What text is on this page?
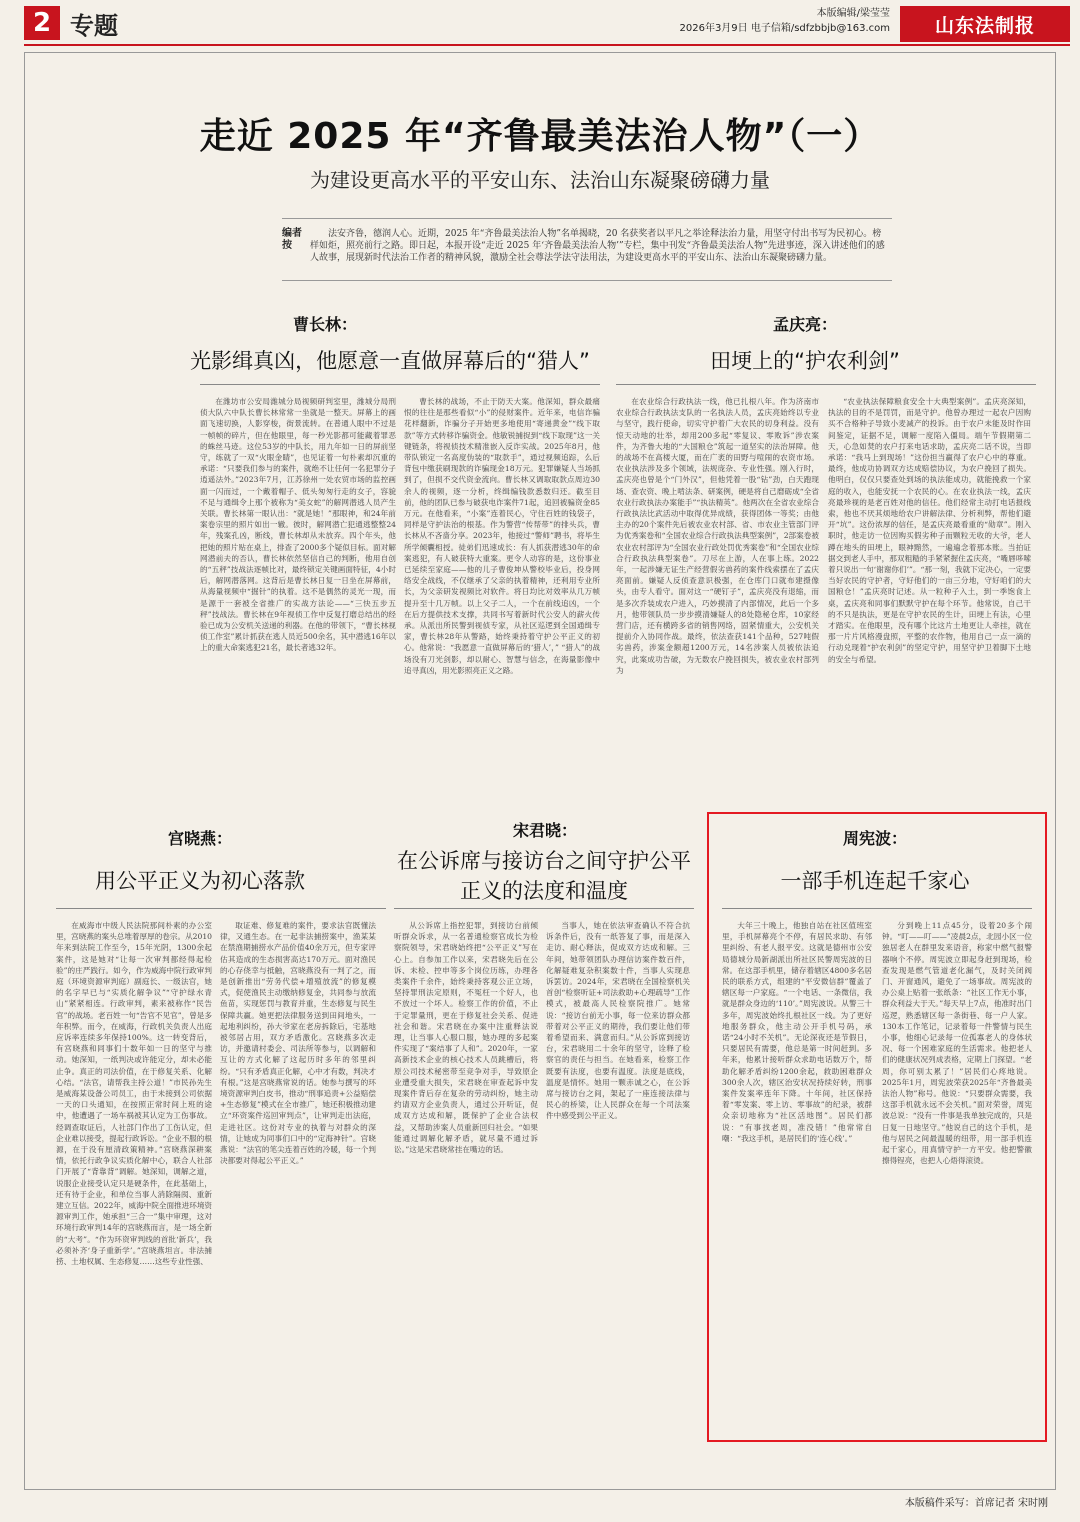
2 专题	本版编辑/梁莹莹
2026年3月9日 电子信箱/sdfzbbjb@163.com	山东法制报
走近 2025 年“齐鲁最美法治人物”（一）
为建设更高水平的平安山东、法治山东凝聚磅礴力量
编者按
法安齐鲁，德润人心。近期，2025 年“齐鲁最美法治人物”名单揭晓，20 名获奖者以平凡之举诠释法治力量，用坚守付出书写为民初心。榜样如炬，照亮前行之路。即日起，本报开设“走近 2025 年‘齐鲁最美法治人物’”专栏，集中刊发“齐鲁最美法治人物”先进事迹，深入讲述他们的感人故事，展现新时代法治工作者的精神风貌，激励全社会尊法学法守法用法，为建设更高水平的平安山东、法治山东凝聚磅礴力量。
曹长林：
光影缉真凶，他愿意一直做屏幕后的“猎人”

在潍坊市公安局潍城分局视频研判室里，潍城分局刑侦大队六中队长曹长林常常一坐就是一整天。屏幕上的画面飞速切换，人影穿梭，街景流转。在普通人眼中不过是一帧帧的碎片，但在他眼里，每一秒光影都可能藏着罪恶的蛛丝马迹。这位53岁的中队长，用九年如一日的屏前坚守，练就了一双“火眼金睛”，也见证着一句朴素却沉重的承诺：“只要我们参与的案件，就绝不让任何一名犯罪分子逍遥法外。”2023年7月，江苏徐州一处农贸市场的监控画面一闪而过，一个戴着帽子、低头匆匆行走的女子，容貌不足与通缉令上那个被称为“美女蛇”的解网潜逃人员产生关联。曹长林第一眼认出：“就是她！”那眼神，和24年前案卷宗里的照片如出一辙。彼时，解网潜亡犯通逃整整24年，残案孔凶，断线，曹长林却从未放弃。四个年头，他把她的照片贴在桌上，排查了2000多个疑似目标。面对解网潜前夫的否认，曹长林依然坚信自己的判断，他用自创的“五秤”技战法逐帧比对，最终锁定关键画面特征，4小时后，解网潜落网。这背后是曹长林日复一日坐在屏幕前，从海量视频中“掘针”的执着。这不是偶然的灵光一现，而是源于一套被全省推广的实战方法论——“三快五步五秤”技战法。曹长林在9年视侦工作中反复打磨总结出的经验已成为公安机关送递的利器。在他的带领下，“曹长林视侦工作室”累计抓获在逃人员近500余名，其中潜逃16年以上的重大命案逃犯21名，最长者逃32年。

曹长林的战场，不止于防天大案。他深知，群众最痛恨的往往是那些看似“小”的侵财案件。近年来，电信诈骗花样翻新，诈骗分子开始更多地使用“寄递黄金”“线下取款”等方式转移诈骗资金。他敏锐捕捉到“线下取现”这一关键链条，将视侦技术精准嵌入反诈实战。2025年8月，他带队锁定一名高度伪装的“取款手”，通过视频追踪，么后背包中缴获刷现款的诈骗现金18万元。犯罪嫌疑人当场抓到了，但损不交代资金流向。曹长林又调取取款点周边30余人的视频，逐一分析，终缉编钱款悉数归还。截至目前，他的团队已参与破获电诈案件71起，追回被骗资金85万元。在他看来，“小案”连着民心，守住百姓的钱袋子，同样是守护法治的根基。作为警营“传帮带”的排头兵，曹长林从不吝啬分享。2023年，他接过“警师”聘书，将毕生所学倾囊相授。徒弟们迅速成长：有人抓获潜逃30年的命案逃犯，有人破获特大重案。更令人动容的是，这份事业已延续至家庭——他的儿子曹俊坤从警校毕业后，投身网络安全战线，不仅继承了父亲的执着精神，还利用专业所长，为父亲研发视频比对软件。将日均比对效率从几万帧提升至十几万帧。以上父子二人，一个在前线追凶，一个在后方提供技术支撑，共同书写着新时代公安人的薪火传承。从派出所民警到视侦专家，从社区巡逻到全国通缉专家，曹长林28年从警路，始终秉持着守护公平正义的初心。他常说：“我愿意一直做屏幕后的‘猎人’，” “猎人”的战场没有刀光剑影，却以耐心、智慧与信念，在海量影像中追寻真凶，用光影照亮正义之路。

孟庆亮：
田埂上的“护农利剑”

在农业综合行政执法一线，他已扎根八年。作为济南市农业综合行政执法支队的一名执法人员，孟庆亮始终以专业与坚守，践行使命，切实守护着广大农民的切身利益。没有惊天动地的壮举，却用200多起“零复议、零败诉”涉农案件，为齐鲁大地的“大国粮仓”筑起一道坚实的法治屏障。他的战场不在高楼大厦，而在广袤的田野与喧闹的农资市场。农业执法涉及多个领域，法规庞杂、专业性强。刚入行时，孟庆亮也曾是个“门外汉”，但他凭着一股“钻”劲，白天跑现场、查农资、晚上啃法条、研案例，硬是将自己磨砺成“全省农业行政执法办案能手”“执法精英”。他两次在全省农业综合行政执法比武活动中取得优异成绩，获得团体一等奖；由他主办的20个案件先后被农业农村部、省、市农业主管部门评为优秀案卷和“全国农业综合行政执法典型案例”，2部案卷被农业农村部评为“全国农业行政处罚优秀案卷”和“全国农业综合行政执法典型案卷”。刀尽在上游，人在事上练。2022年，一起涉嫌无证生产经营假劣兽药的案件线索摆在了孟庆亮面前。嫌疑人反侦查意识极强，在仓库门口就布建摄像头，由专人看守。面对这一“硬钉子”，孟庆亮没有退缩，而是多次乔装成农户进入，巧妙摸清了内部情况，此后一个多月，他带领队员一步步摸清嫌疑人的8处隐秘仓库，10家经营门店，还有横跨多省的销售网络，固紧情重大，公安机关提前介入协同作战。最终，依法查获141个品种，527吨假劣兽药，涉案金额超1200万元，14名涉案人员被依法追究，此案成功告破，为无数农户挽回损失，被农业农村部列为

“农业执法保障粮食安全十大典型案例”。孟庆亮深知，执法的目的不是罚罚，而是守护。他曾办理过一起农户因购买不合格种子导致小麦减产的投诉。由于农户未能及时作田间鉴定，证据不足，调解一度陷入僵局。端午节假期第二天，心急如焚的农户打来电话求助，孟庆亮二话不说，当即承诺：“我马上到现场！”这份担当赢得了农户心中的尊重。最终，他成功协调双方达成赔偿协议，为农户挽回了损失。他明白，仅仅只要查处到场的执法能成功，就能挽救一个家庭的收入，也能安抚一个农民的心。在农业执法一线，孟庆亮最珍视的是老百姓对他的信任。他们经常主动打电话报线索，他也不厌其烦地给农户讲解法律、分析利弊，帮他们避开“坑”。这份浓厚的信任，是孟庆亮最看重的“勋章”。刚入职时，他走访一位因购买假劣种子而颗粒无收的大爷，老人蹲在地头的田埂上，眼神黯然，一遍遍念着那本账。当拍证据交到老人手中，那双粗糙的手紧紧握住孟庆亮，“嘴唇哆嗦着只说出一句‘谢谢你们’”。“那一刻，我就下定决心，一定要当好农民的守护者，守好他们的一亩三分地，守好咱们的大国粮仓！”孟庆亮时记述。从一粒种子入土，到一季饱食上桌，孟庆亮和同事们默默守护在每个环节。他常说，自己干的不只是执法，更是在守护农民的生计，田埂上有法，心里才踏实。在他眼里，没有哪个比这片土地更让人牵挂，就在那一片片风格漫盘照，平整的农作物，他用自己一点一滴的行动兑现着“护农利剑”的坚定守护，用坚守护卫着脚下土地的安全与希望。

宫晓燕：
用公平正义为初心落款

在威海市中级人民法院那间朴素的办公室里，宫晓燕的案头总堆着厚厚的卷宗。从2010年来到法院工作至今，15年光阴，1300余起案件，这是她对“让每一次审判都经得起检验”的庄严践行。如今，作为威海中院行政审判庭（环境资源审判庭）副庭长、一级法官，她的名字早已与“实质化解争议”“守护绿水青山”紧紧相连。行政审判，素来被称作“民告官”的战场。老百姓一句“告官不见官”，曾是多年积弊。而今，在威海，行政机关负责人出庭应诉率连续多年保持100%。这一转变背后，有宫晓燕和同事们十数年如一日的坚守与推动。她深知，一纸判决或许能定分，却未必能止争。真正的司法价值，在于修复关系、化解心结。“法官，请帮我主持公道！”市民孙先生是威海某设备公司员工，由于未接到公司依据一天的口头通知，在按照正常时间上班的途中，他遭遇了一场车祸被其认定为工伤事故。经调查取证后，人社部门作出了工伤认定，但企业难以接受，提起行政诉讼。“企业不服的根源，在于没有厘清政策精神。”宫晓燕深耕案情，依托行政争议实质化解中心，联合人社部门开展了“背靠背”调解。她深知，调解之道，说服企业接受认定只是硬条件，在此基础上，还有待于企业，和单位当事人消除隔阂、重新建立互信。2022年，威海中院全面推进环境资源审判工作，她承担“三合一”集中审理，这对环境行政审判14年的宫晓燕而言，是一场全新的“大考”。“作为环资审判线的首批‘新兵’，我必须补齐‘身子重新学’。”宫晓燕坦言。非法捕捞、土地权属、生态修复……这些专业性强、

取证难、修复难的案件，要求法官既懂法律，又通生态。在一起非法捕捞案中，渔某某在禁渔期捕捞水产品价值40余万元，但专家评估其造成的生态损害高达170万元。面对渔民的心存侥幸与抵触，宫晓燕没有一判了之，而是创新推出“劳务代偿+增殖放流”的修复模式，促使渔民主动缴纳修复金，共同参与放流鱼苗，实现惩罚与教育并重，生态修复与民生保障共赢。她更把法律服务送到田间地头，一起地利纠纷，孙大爷家在老房拆除后，宅基地被邻居占用，双方矛盾激化。宫晓燕多次走访，并邀请村委会、司法所等参与，以调解和互让的方式化解了这起历时多年的邻里纠纷。“只有矛盾真正化解，心中才有数，判决才有根。”这是宫晓燕常说的话。她参与撰写的环境资源审判白皮书，推动“刑事追责+公益赔偿+生态修复”模式在全市推广，她还积极推动建立“环资案件巡回审判点”，让审判走出法庭，走进社区。这份对专业的执着与对群众的深情，让她成为同事们口中的“定海神针”。宫晓燕说：“法官的笔尖连着百姓的冷暖，每一个判决都要对得起公平正义。”

宋君晓：
在公诉席与接访台之间守护公平正义的法度和温度

从公诉席上指控犯罪，到接访台前倾听群众诉求，从一名普通检察官成长为检察院领导，宋君晓始终把“公平正义”写在心上。自参加工作以来，宋君晓先后在公诉、未检、控申等多个岗位历练，办理各类案件千余件，始终秉持客观公正立场，坚持罪刑法定原则，不冤枉一个好人，也不放过一个坏人。检察工作的价值，不止于定罪量刑，更在于修复社会关系、促进社会和谐。宋君晓在办案中注重释法说理，让当事人心服口服，她办理的多起案件实现了“案结事了人和”。2020年，一家高新技术企业的核心技术人员跳槽后，将原公司技术秘密带至竞争对手，导致原企业遭受重大损失，宋君晓在审查起诉中发现案件背后存在复杂的劳动纠纷，她主动约请双方企业负责人，通过公开听证，促成双方达成和解，既保护了企业合法权益，又帮助涉案人员重新回归社会。“如果能通过调解化解矛盾，就尽量不通过诉讼。”这是宋君晓常挂在嘴边的话。

当事人，她在依法审查确认不符合抗诉条件后，没有一纸答复了事，而是深入走访、耐心释法，促成双方达成和解。三年间，她带领团队办理信访案件数百件，化解疑难复杂积案数十件，当事人实现息诉罢访。2024年，宋君晓在全国检察机关首创“检察听证+司法救助+心理疏导”工作模式，被最高人民检察院推广。她常说：“接访台前无小事，每一位来访群众都带着对公平正义的期待，我们要让他们带着希望而来、满意而归。”从公诉席到接访台，宋君晓用二十余年的坚守，诠释了检察官的责任与担当。在她看来，检察工作既要有法度，也要有温度。法度是底线，温度是情怀。她用一颗赤诚之心，在公诉席与接访台之间，架起了一座连接法律与民心的桥梁，让人民群众在每一个司法案件中感受到公平正义。

周宪波：
一部手机连起千家心

大年三十晚上，他独自站在社区值班室里，手机屏幕亮个不停，有居民求助、有邻里纠纷、有老人报平安。这就是德州市公安局德城分局新湖派出所社区民警周宪波的日常。在这部手机里，储存着辖区4800多名居民的联系方式，组建的“平安微信群”覆盖了辖区每一户家庭。“一个电话、一条微信，我就是群众身边的‘110’。”周宪波说。从警三十多年，周宪波始终扎根社区一线。为了更好地服务群众，他主动公开手机号码，承诺“24小时不关机”。无论深夜还是节假日，只要居民有需要，他总是第一时间赶到。多年来，他累计接听群众求助电话数万个，帮助化解矛盾纠纷1200余起，救助困难群众300余人次，辖区治安状况持续好转，刑事案件发案率连年下降。十年间，社区保持着“零发案、零上访、零事故”的纪录，被群众亲切地称为“社区活地图”。居民们都说：“有事找老周，准没错！”他常常自嘲：“我这手机，是居民们的‘连心线’。”

分到晚上11点45分，设着20多个闹钟。“叮——叮——”凌晨2点，北园小区一位独居老人在群里发来语音，称家中燃气报警器响个不停。周宪波立即起身赶到现场，检查发现是燃气管道老化漏气，及时关闭阀门、开窗通风，避免了一场事故。周宪波的办公桌上贴着一张纸条：“社区工作无小事，群众利益大于天。”每天早上7点，他准时出门巡逻，熟悉辖区每一条街巷、每一户人家。130本工作笔记，记录着每一件警情与民生小事，他细心记录每一位孤寡老人的身体状况、每一个困难家庭的生活需求。他把老人们的健康状况列成表格，定期上门探望。“老周，你可别太累了！”居民们心疼地说。2025年1月，周宪波荣获2025年“齐鲁最美法治人物”称号。他说：“只要群众需要，我这部手机就永远不会关机。”面对荣誉，周宪波总说：“没有一件事是我单独完成的，只是日复一日地坚守。”他说自己的这个手机，是他与居民之间最温暖的纽带，用一部手机连起千家心，用真情守护一方平安。他把警徽擦得锃亮，也把人心焐得滚烫。

本版稿件采写：首席记者 宋时刚
